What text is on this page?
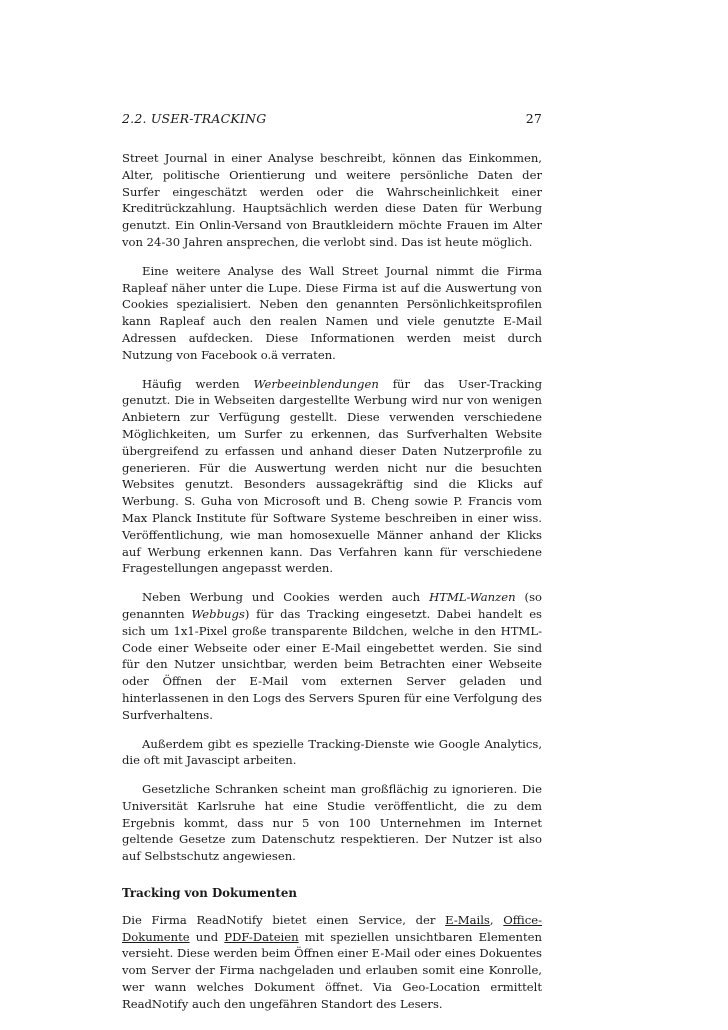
2.2. USER-TRACKING	27

Street Journal in einer Analyse beschreibt, können das Einkommen, Alter, politische Orientierung und weitere persönliche Daten der Surfer eingeschätzt werden oder die Wahrscheinlichkeit einer Kreditrückzahlung. Hauptsächlich werden diese Daten für Werbung genutzt. Ein Onlin-Versand von Brautkleidern möchte Frauen im Alter von 24-30 Jahren ansprechen, die verlobt sind. Das ist heute möglich.

Eine weitere Analyse des Wall Street Journal nimmt die Firma Rapleaf näher unter die Lupe. Diese Firma ist auf die Auswertung von Cookies spezialisiert. Neben den genannten Persönlichkeitsprofilen kann Rapleaf auch den realen Namen und viele genutzte E-Mail Adressen aufdecken. Diese Informationen werden meist durch Nutzung von Facebook o.ä verraten.

Häufig werden Werbeeinblendungen für das User-Tracking genutzt. Die in Webseiten dargestellte Werbung wird nur von wenigen Anbietern zur Verfügung gestellt. Diese verwenden verschiedene Möglichkeiten, um Surfer zu erkennen, das Surfverhalten Website übergreifend zu erfassen und anhand dieser Daten Nutzerprofile zu generieren. Für die Auswertung werden nicht nur die besuchten Websites genutzt. Besonders aussagekräftig sind die Klicks auf Werbung. S. Guha von Microsoft und B. Cheng sowie P. Francis vom Max Planck Institute für Software Systeme beschreiben in einer wiss. Veröffentlichung, wie man homosexuelle Männer anhand der Klicks auf Werbung erkennen kann. Das Verfahren kann für verschiedene Fragestellungen angepasst werden.

Neben Werbung und Cookies werden auch HTML-Wanzen (so genannten Webbugs) für das Tracking eingesetzt. Dabei handelt es sich um 1x1-Pixel große transparente Bildchen, welche in den HTML-Code einer Webseite oder einer E-Mail eingebettet werden. Sie sind für den Nutzer unsichtbar, werden beim Betrachten einer Webseite oder Öffnen der E-Mail vom externen Server geladen und hinterlassenen in den Logs des Servers Spuren für eine Verfolgung des Surfverhaltens.

Außerdem gibt es spezielle Tracking-Dienste wie Google Analytics, die oft mit Javascipt arbeiten.

Gesetzliche Schranken scheint man großflächig zu ignorieren. Die Universität Karlsruhe hat eine Studie veröffentlicht, die zu dem Ergebnis kommt, dass nur 5 von 100 Unternehmen im Internet geltende Gesetze zum Datenschutz respektieren. Der Nutzer ist also auf Selbstschutz angewiesen.

Tracking von Dokumenten

Die Firma ReadNotify bietet einen Service, der E-Mails, Office-Dokumente und PDF-Dateien mit speziellen unsichtbaren Elementen versieht. Diese werden beim Öffnen einer E-Mail oder eines Dokuentes vom Server der Firma nachgeladen und erlauben somit eine Konrolle, wer wann welches Dokument öffnet. Via Geo-Location ermittelt ReadNotify auch den ungefähren Standort des Lesers.
